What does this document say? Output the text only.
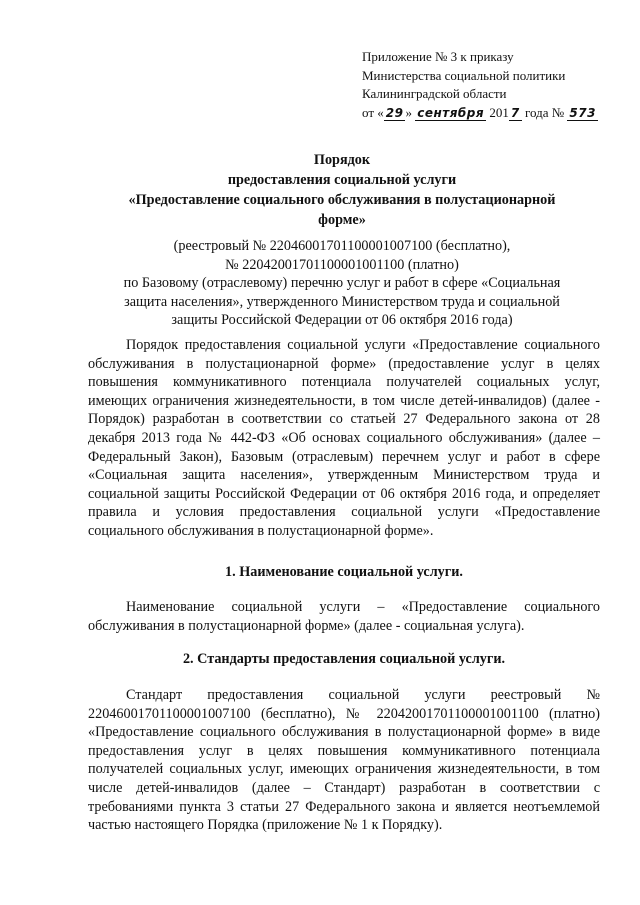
Приложение № 3 к приказу
Министерства социальной политики
Калининградской области
от « 29 » сентября 201 7 года № 573
Порядок
предоставления социальной услуги
«Предоставление социального обслуживания в полустационарной
форме»
(реестровый № 22046001701100001007100 (бесплатно),
№ 22042001701100001001100 (платно)
по Базовому (отраслевому) перечню услуг и работ в сфере «Социальная
защита населения», утвержденного Министерством труда и социальной
защиты Российской Федерации от 06 октября 2016 года)

Порядок предоставления социальной услуги «Предоставление социального обслуживания в полустационарной форме» (предоставление услуг в целях повышения коммуникативного потенциала получателей социальных услуг, имеющих ограничения жизнедеятельности, в том числе детей-инвалидов) (далее - Порядок) разработан в соответствии со статьей 27 Федерального закона от 28 декабря 2013 года № 442-ФЗ «Об основах социального обслуживания» (далее – Федеральный Закон), Базовым (отраслевым) перечнем услуг и работ в сфере «Социальная защита населения», утвержденным Министерством труда и социальной защиты Российской Федерации от 06 октября 2016 года, и определяет правила и условия предоставления социальной услуги «Предоставление социального обслуживания в полустационарной форме».

1. Наименование социальной услуги.

Наименование социальной услуги – «Предоставление социального обслуживания в полустационарной форме» (далее - социальная услуга).

2. Стандарты предоставления социальной услуги.

Стандарт предоставления социальной услуги реестровый № 22046001701100001007100 (бесплатно), № 22042001701100001001100 (платно) «Предоставление социального обслуживания в полустационарной форме» в виде предоставления услуг в целях повышения коммуникативного потенциала получателей социальных услуг, имеющих ограничения жизнедеятельности, в том числе детей-инвалидов (далее – Стандарт) разработан в соответствии с требованиями пункта 3 статьи 27 Федерального закона и является неотъемлемой частью настоящего Порядка (приложение № 1 к Порядку).
